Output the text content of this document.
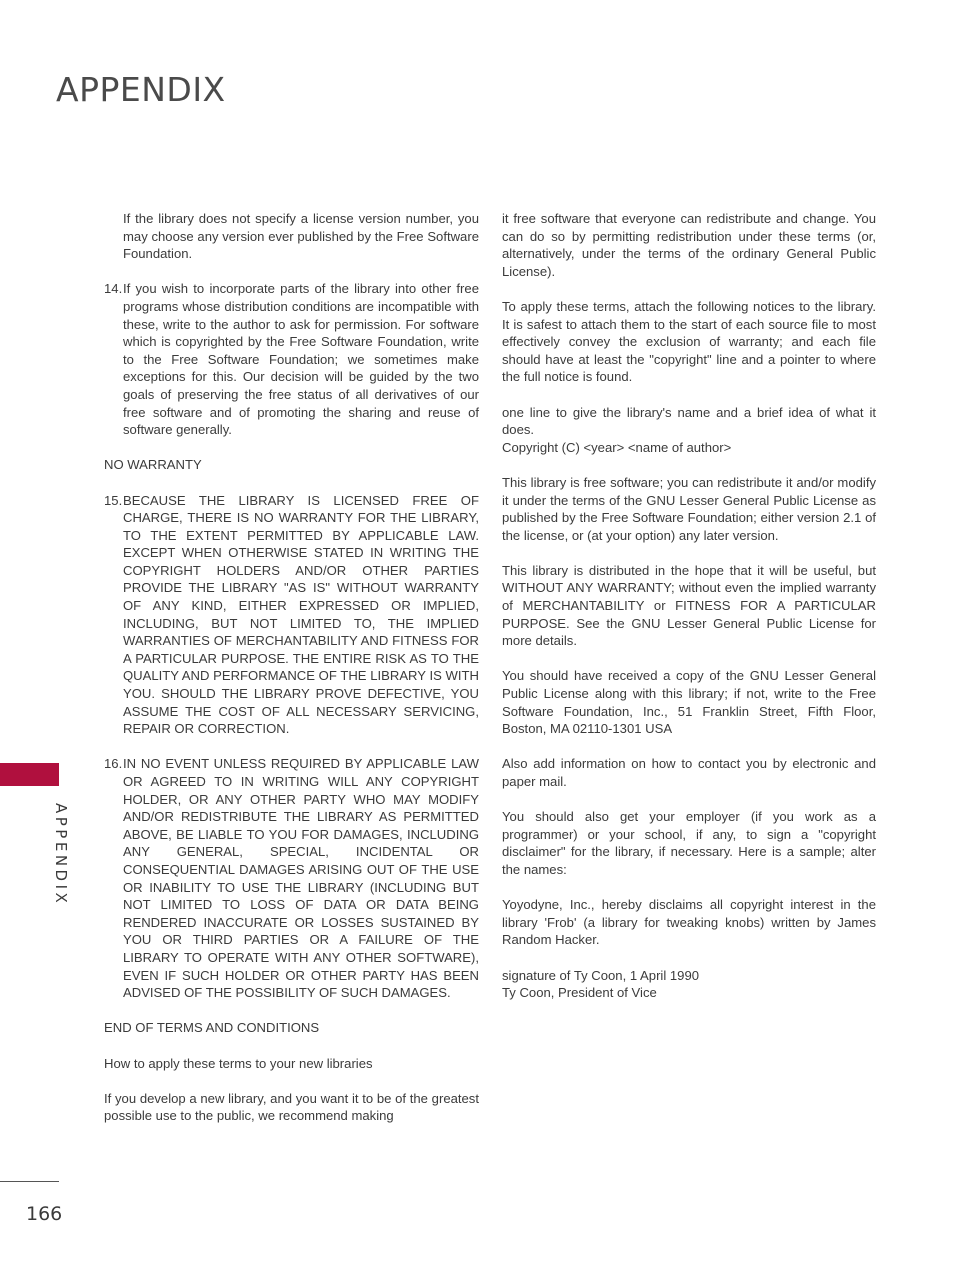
APPENDIX

If the library does not specify a license version number, you may choose any version ever published by the Free Software Foundation.

14. If you wish to incorporate parts of the library into other free programs whose distribution conditions are incompatible with these, write to the author to ask for permission. For software which is copyrighted by the Free Software Foundation, write to the Free Software Foundation; we sometimes make exceptions for this. Our decision will be guided by the two goals of preserving the free status of all derivatives of our free software and of promoting the sharing and reuse of software generally.

NO WARRANTY

15. BECAUSE THE LIBRARY IS LICENSED FREE OF CHARGE, THERE IS NO WARRANTY FOR THE LIBRARY, TO THE EXTENT PERMITTED BY APPLICABLE LAW. EXCEPT WHEN OTHERWISE STATED IN WRITING THE COPYRIGHT HOLDERS AND/OR OTHER PARTIES PROVIDE THE LIBRARY "AS IS" WITHOUT WARRANTY OF ANY KIND, EITHER EXPRESSED OR IMPLIED, INCLUDING, BUT NOT LIMITED TO, THE IMPLIED WARRANTIES OF MERCHANTABILITY AND FITNESS FOR A PARTICULAR PURPOSE. THE ENTIRE RISK AS TO THE QUALITY AND PERFORMANCE OF THE LIBRARY IS WITH YOU. SHOULD THE LIBRARY PROVE DEFECTIVE, YOU ASSUME THE COST OF ALL NECESSARY SERVICING, REPAIR OR CORRECTION.
16. IN NO EVENT UNLESS REQUIRED BY APPLICABLE LAW OR AGREED TO IN WRITING WILL ANY COPYRIGHT HOLDER, OR ANY OTHER PARTY WHO MAY MODIFY AND/OR REDISTRIBUTE THE LIBRARY AS PERMITTED ABOVE, BE LIABLE TO YOU FOR DAMAGES, INCLUDING ANY GENERAL, SPECIAL, INCIDENTAL OR CONSEQUENTIAL DAMAGES ARISING OUT OF THE USE OR INABILITY TO USE THE LIBRARY (INCLUDING BUT NOT LIMITED TO LOSS OF DATA OR DATA BEING RENDERED INACCURATE OR LOSSES SUSTAINED BY YOU OR THIRD PARTIES OR A FAILURE OF THE LIBRARY TO OPERATE WITH ANY OTHER SOFTWARE), EVEN IF SUCH HOLDER OR OTHER PARTY HAS BEEN ADVISED OF THE POSSIBILITY OF SUCH DAMAGES.

END OF TERMS AND CONDITIONS

How to apply these terms to your new libraries

If you develop a new library, and you want it to be of the greatest possible use to the public, we recommend making

it free software that everyone can redistribute and change. You can do so by permitting redistribution under these terms (or, alternatively, under the terms of the ordinary General Public License).

To apply these terms, attach the following notices to the library. It is safest to attach them to the start of each source file to most effectively convey the exclusion of warranty; and each file should have at least the "copyright" line and a pointer to where the full notice is found.

one line to give the library's name and a brief idea of what it does.

Copyright (C) <year> <name of author>

This library is free software; you can redistribute it and/or modify it under the terms of the GNU Lesser General Public License as published by the Free Software Foundation; either version 2.1 of the license, or (at your option) any later version.

This library is distributed in the hope that it will be useful, but WITHOUT ANY WARRANTY; without even the implied warranty of MERCHANTABILITY or FITNESS FOR A PARTICULAR PURPOSE. See the GNU Lesser General Public License for more details.

You should have received a copy of the GNU Lesser General Public License along with this library; if not, write to the Free Software Foundation, Inc., 51 Franklin Street, Fifth Floor, Boston, MA 02110-1301 USA

Also add information on how to contact you by electronic and paper mail.

You should also get your employer (if you work as a programmer) or your school, if any, to sign a "copyright disclaimer" for the library, if necessary. Here is a sample; alter the names:

Yoyodyne, Inc., hereby disclaims all copyright interest in the library 'Frob' (a library for tweaking knobs) written by James Random Hacker.

signature of Ty Coon, 1 April 1990

Ty Coon, President of Vice

APPENDIX
166
